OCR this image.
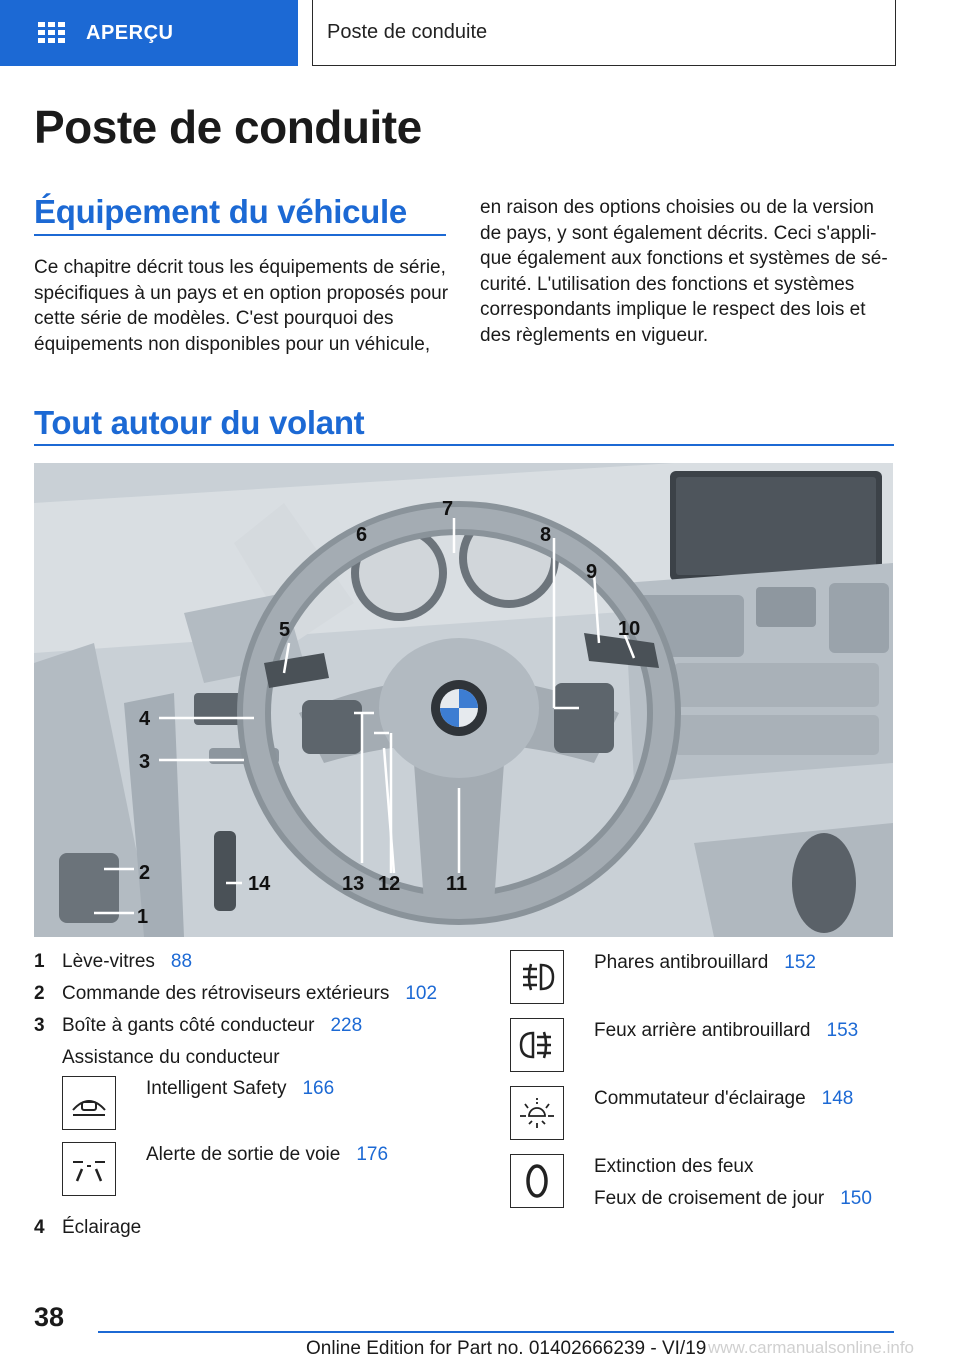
APERÇU	Poste de conduite
Poste de conduite
Équipement du véhicule

Ce chapitre décrit tous les équipements de série, spécifiques à un pays et en option proposés pour cette série de modèles. C'est pourquoi des équipements non disponibles pour un véhicule,

en raison des options choisies ou de la version de pays, y sont également décrits. Ceci s'appli-que également aux fonctions et systèmes de sé-curité. L'utilisation des fonctions et systèmes correspondants implique le respect des lois et des règlements en vigueur.

Tout autour du volant
1
2
3
4
5
6
7
8
9
10
11
12
13
14
1 Lève-vitres 88
2 Commande des rétroviseurs extérieurs 102
3 Boîte à gants côté conducteur 228
Assistance du conducteur
Intelligent Safety 166
Alerte de sortie de voie 176
4 Éclairage
Phares antibrouillard 152
Feux arrière antibrouillard 153
Commutateur d'éclairage 148
Extinction des feux
Feux de croisement de jour 150
38
Online Edition for Part no. 01402666239 - VI/19 www.carmanualsonline.info
